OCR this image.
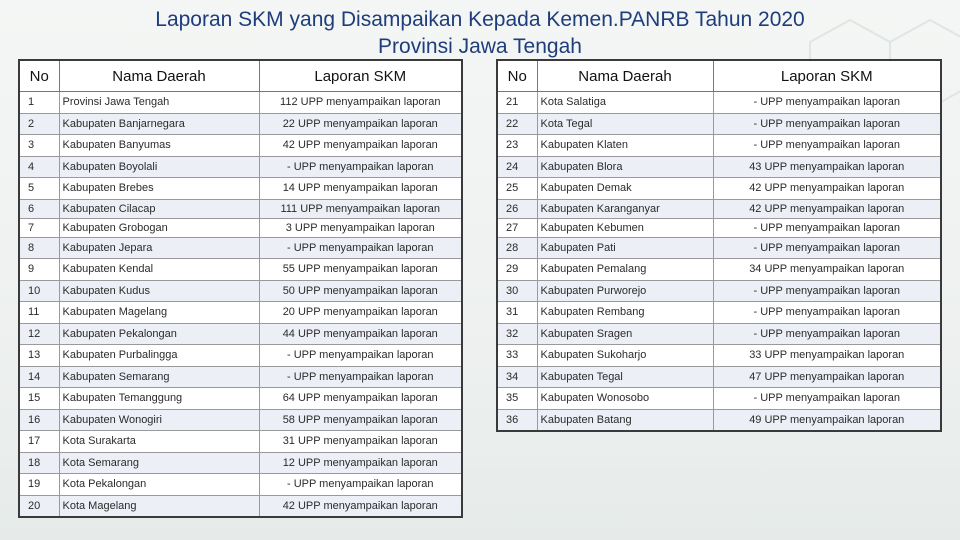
Laporan SKM yang Disampaikan Kepada Kemen.PANRB Tahun 2020
Provinsi Jawa Tengah
No	Nama Daerah	Laporan SKM
1	Provinsi Jawa Tengah	112 UPP menyampaikan laporan
2	Kabupaten Banjarnegara	22 UPP menyampaikan laporan
3	Kabupaten Banyumas	42 UPP menyampaikan laporan
4	Kabupaten Boyolali	- UPP menyampaikan laporan
5	Kabupaten Brebes	14 UPP menyampaikan laporan
6	Kabupaten Cilacap	111 UPP menyampaikan laporan
7	Kabupaten Grobogan	3 UPP menyampaikan laporan
8	Kabupaten Jepara	- UPP menyampaikan laporan
9	Kabupaten Kendal	55 UPP menyampaikan laporan
10	Kabupaten Kudus	50 UPP menyampaikan laporan
11	Kabupaten Magelang	20 UPP menyampaikan laporan
12	Kabupaten Pekalongan	44 UPP menyampaikan laporan
13	Kabupaten Purbalingga	- UPP menyampaikan laporan
14	Kabupaten Semarang	- UPP menyampaikan laporan
15	Kabupaten Temanggung	64 UPP menyampaikan laporan
16	Kabupaten Wonogiri	58 UPP menyampaikan laporan
17	Kota Surakarta	31 UPP menyampaikan laporan
18	Kota Semarang	12 UPP menyampaikan laporan
19	Kota Pekalongan	- UPP menyampaikan laporan
20	Kota Magelang	42 UPP menyampaikan laporan
No	Nama Daerah	Laporan SKM
21	Kota Salatiga	- UPP menyampaikan laporan
22	Kota Tegal	- UPP menyampaikan laporan
23	Kabupaten Klaten	- UPP menyampaikan laporan
24	Kabupaten Blora	43 UPP menyampaikan laporan
25	Kabupaten Demak	42 UPP menyampaikan laporan
26	Kabupaten Karanganyar	42 UPP menyampaikan laporan
27	Kabupaten Kebumen	- UPP menyampaikan laporan
28	Kabupaten Pati	- UPP menyampaikan laporan
29	Kabupaten Pemalang	34 UPP menyampaikan laporan
30	Kabupaten Purworejo	- UPP menyampaikan laporan
31	Kabupaten Rembang	- UPP menyampaikan laporan
32	Kabupaten Sragen	- UPP menyampaikan laporan
33	Kabupaten Sukoharjo	33 UPP menyampaikan laporan
34	Kabupaten Tegal	47 UPP menyampaikan laporan
35	Kabupaten Wonosobo	- UPP menyampaikan laporan
36	Kabupaten Batang	49 UPP menyampaikan laporan
